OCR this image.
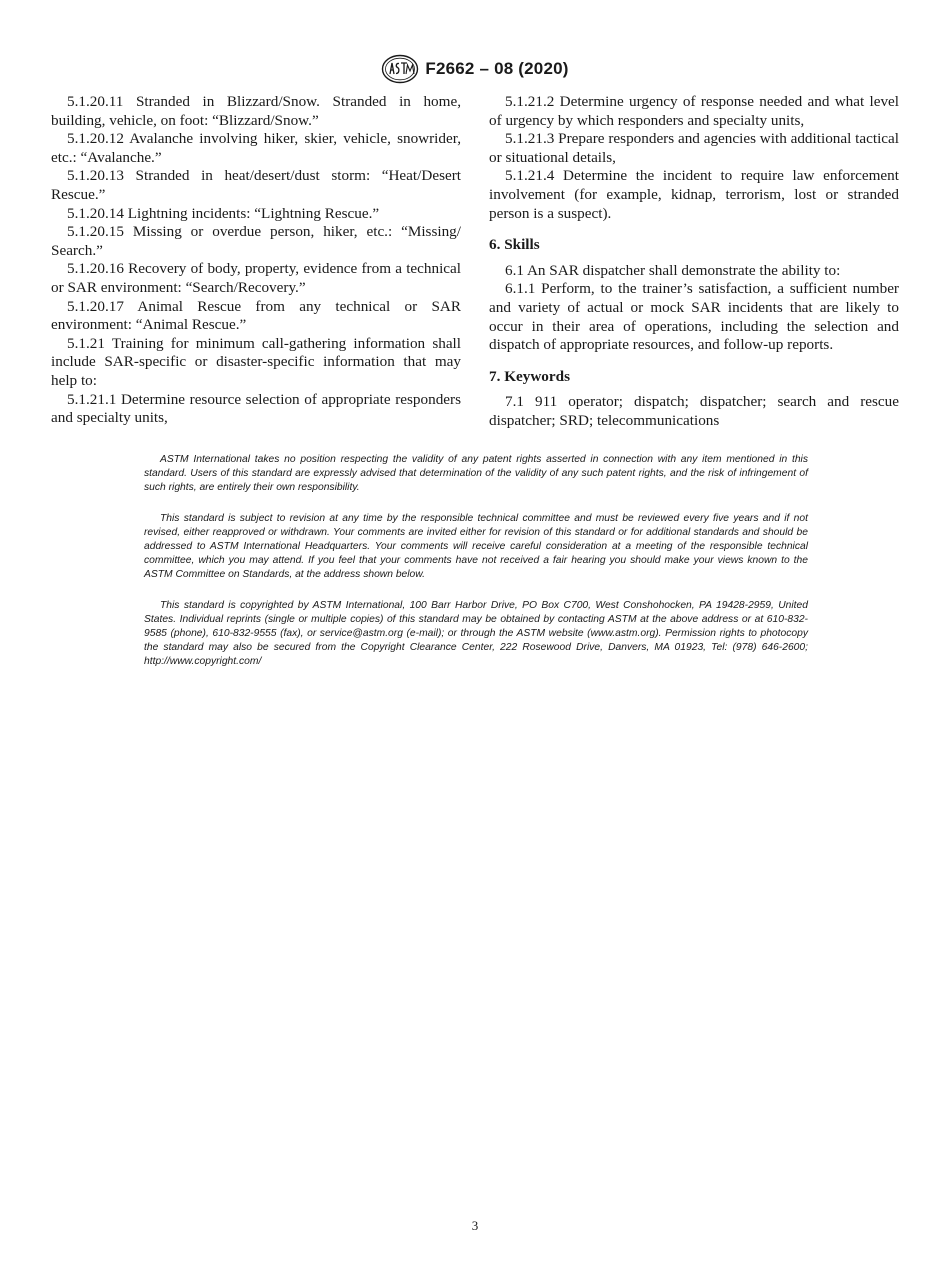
F2662 – 08 (2020)

5.1.20.11 Stranded in Blizzard/Snow. Stranded in home, building, vehicle, on foot: “Blizzard/Snow.”

5.1.20.12 Avalanche involving hiker, skier, vehicle, snowrider, etc.: “Avalanche.”

5.1.20.13 Stranded in heat/desert/dust storm: “Heat/Desert Rescue.”

5.1.20.14 Lightning incidents: “Lightning Rescue.”

5.1.20.15 Missing or overdue person, hiker, etc.: “Missing/ Search.”

5.1.20.16 Recovery of body, property, evidence from a technical or SAR environment: “Search/Recovery.”

5.1.20.17 Animal Rescue from any technical or SAR environment: “Animal Rescue.”

5.1.21 Training for minimum call-gathering information shall include SAR-specific or disaster-specific information that may help to:

5.1.21.1 Determine resource selection of appropriate responders and specialty units,

5.1.21.2 Determine urgency of response needed and what level of urgency by which responders and specialty units,

5.1.21.3 Prepare responders and agencies with additional tactical or situational details,

5.1.21.4 Determine the incident to require law enforcement involvement (for example, kidnap, terrorism, lost or stranded person is a suspect).

6. Skills

6.1 An SAR dispatcher shall demonstrate the ability to:

6.1.1 Perform, to the trainer’s satisfaction, a sufficient number and variety of actual or mock SAR incidents that are likely to occur in their area of operations, including the selection and dispatch of appropriate resources, and follow-up reports.

7. Keywords

7.1 911 operator; dispatch; dispatcher; search and rescue dispatcher; SRD; telecommunications

ASTM International takes no position respecting the validity of any patent rights asserted in connection with any item mentioned in this standard. Users of this standard are expressly advised that determination of the validity of any such patent rights, and the risk of infringement of such rights, are entirely their own responsibility.

This standard is subject to revision at any time by the responsible technical committee and must be reviewed every five years and if not revised, either reapproved or withdrawn. Your comments are invited either for revision of this standard or for additional standards and should be addressed to ASTM International Headquarters. Your comments will receive careful consideration at a meeting of the responsible technical committee, which you may attend. If you feel that your comments have not received a fair hearing you should make your views known to the ASTM Committee on Standards, at the address shown below.

This standard is copyrighted by ASTM International, 100 Barr Harbor Drive, PO Box C700, West Conshohocken, PA 19428-2959, United States. Individual reprints (single or multiple copies) of this standard may be obtained by contacting ASTM at the above address or at 610-832-9585 (phone), 610-832-9555 (fax), or service@astm.org (e-mail); or through the ASTM website (www.astm.org). Permission rights to photocopy the standard may also be secured from the Copyright Clearance Center, 222 Rosewood Drive, Danvers, MA 01923, Tel: (978) 646-2600; http://www.copyright.com/

3
